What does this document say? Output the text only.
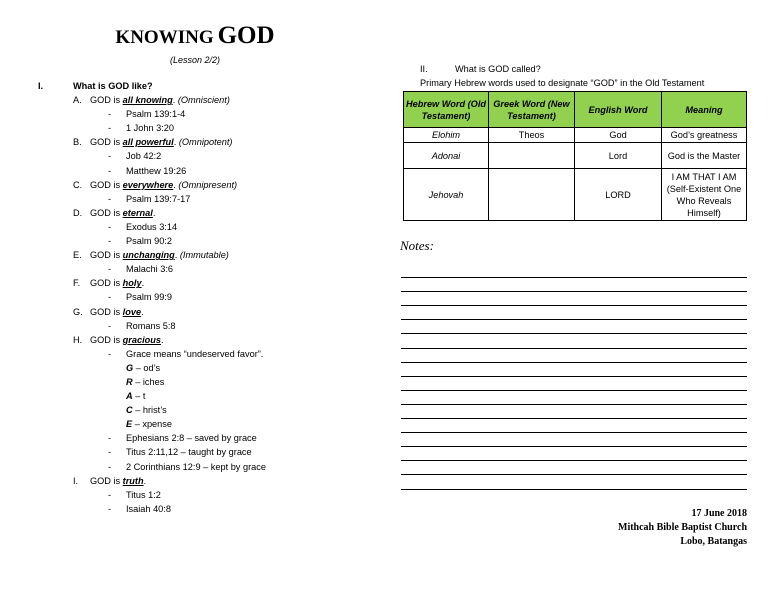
KNOWING GOD
(Lesson 2/2)
I.	What is GOD like?
A. GOD is all knowing. (Omniscient)
- Psalm 139:1-4
- 1 John 3:20
B. GOD is all powerful. (Omnipotent)
- Job 42:2
- Matthew 19:26
C. GOD is everywhere. (Omnipresent)
- Psalm 139:7-17
D. GOD is eternal.
- Exodus 3:14
- Psalm 90:2
E. GOD is unchanging. (Immutable)
- Malachi 3:6
F. GOD is holy.
- Psalm 99:9
G. GOD is love.
- Romans 5:8
H. GOD is gracious.
- Grace means “undeserved favor”.
G – od’s
R – iches
A – t
C – hrist’s
E – xpense
- Ephesians 2:8 – saved by grace
- Titus 2:11,12 – taught by grace
- 2 Corinthians 12:9 – kept by grace
I. GOD is truth.
- Titus 1:2
- Isaiah 40:8
II.	What is GOD called?
Primary Hebrew words used to designate “GOD” in the Old Testament
Hebrew Word (Old Testament)	Greek Word (New Testament)	English Word	Meaning
Elohim	Theos	God	God’s greatness
Adonai		Lord	God is the Master
Jehovah		LORD	I AM THAT I AM (Self-Existent One Who Reveals Himself)
Notes:
17 June 2018
Mithcah Bible Baptist Church
Lobo, Batangas
